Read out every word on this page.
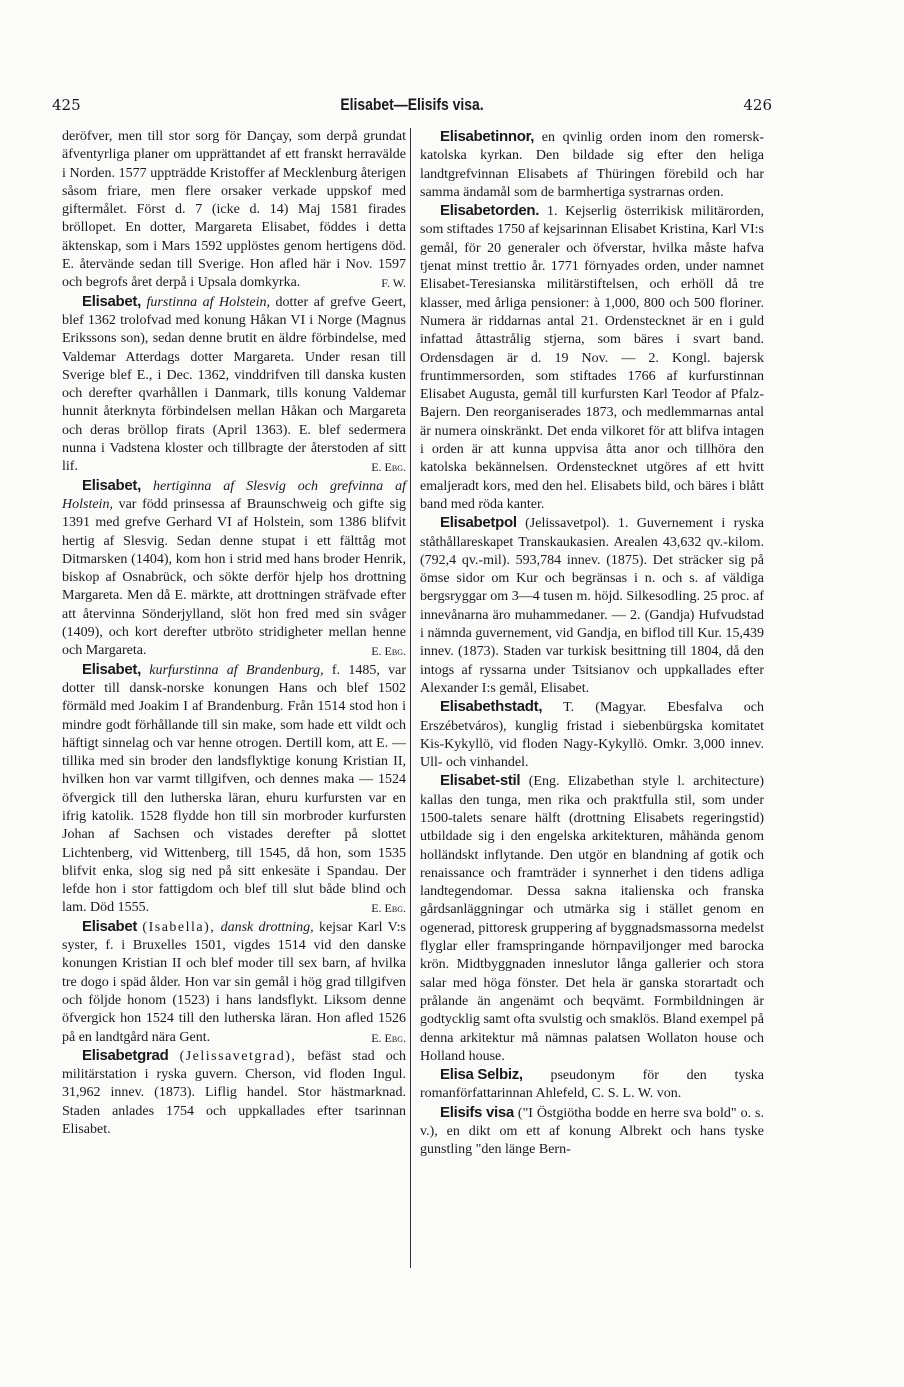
425	Elisabet—Elisifs visa.	426

deröfver, men till stor sorg för Dançay, som derpå grundat äfventyrliga planer om upprättandet af ett franskt herravälde i Norden. 1577 uppträdde Kristoffer af Mecklenburg återigen såsom friare, men flere orsaker verkade uppskof med giftermålet. Först d. 7 (icke d. 14) Maj 1581 firades bröllopet. En dotter, Margareta Elisabet, föddes i detta äktenskap, som i Mars 1592 upplöstes genom hertigens död. E. återvände sedan till Sverige. Hon afled här i Nov. 1597 och begrofs året derpå i Upsala domkyrka.	F. W.

Elisabet, furstinna af Holstein, dotter af grefve Geert, blef 1362 trolofvad med konung Håkan VI i Norge (Magnus Erikssons son), sedan denne brutit en äldre förbindelse, med Valdemar Atterdags dotter Margareta. Under resan till Sverige blef E., i Dec. 1362, vinddrifven till danska kusten och derefter qvarhållen i Danmark, tills konung Valdemar hunnit återknyta förbindelsen mellan Håkan och Margareta och deras bröllop firats (April 1363). E. blef sedermera nunna i Vadstena kloster och tillbragte der återstoden af sitt lif.	E. Ebg.

Elisabet, hertiginna af Slesvig och grefvinna af Holstein, var född prinsessa af Braunschweig och gifte sig 1391 med grefve Gerhard VI af Holstein, som 1386 blifvit hertig af Slesvig. Sedan denne stupat i ett fälttåg mot Ditmarsken (1404), kom hon i strid med hans broder Henrik, biskop af Osnabrück, och sökte derför hjelp hos drottning Margareta. Men då E. märkte, att drottningen sträfvade efter att återvinna Sönderjylland, slöt hon fred med sin svåger (1409), och kort derefter utbröto stridigheter mellan henne och Margareta.	E. Ebg.

Elisabet, kurfurstinna af Brandenburg, f. 1485, var dotter till dansk-norske konungen Hans och blef 1502 förmäld med Joakim I af Brandenburg. Från 1514 stod hon i mindre godt förhållande till sin make, som hade ett vildt och häftigt sinnelag och var henne otrogen. Dertill kom, att E. — tillika med sin broder den landsflyktige konung Kristian II, hvilken hon var varmt tillgifven, och dennes maka — 1524 öfvergick till den lutherska läran, ehuru kurfursten var en ifrig katolik. 1528 flydde hon till sin morbroder kurfursten Johan af Sachsen och vistades derefter på slottet Lichtenberg, vid Wittenberg, till 1545, då hon, som 1535 blifvit enka, slog sig ned på sitt enkesäte i Spandau. Der lefde hon i stor fattigdom och blef till slut både blind och lam. Död 1555.	E. Ebg.

Elisabet (Isabella), dansk drottning, kejsar Karl V:s syster, f. i Bruxelles 1501, vigdes 1514 vid den danske konungen Kristian II och blef moder till sex barn, af hvilka tre dogo i späd ålder. Hon var sin gemål i hög grad tillgifven och följde honom (1523) i hans landsflykt. Liksom denne öfvergick hon 1524 till den lutherska läran. Hon afled 1526 på en landtgård nära Gent.	E. Ebg.

Elisabetgrad (Jelissavetgrad), befäst stad och militärstation i ryska guvern. Cherson, vid floden Ingul. 31,962 innev. (1873). Liflig handel. Stor hästmarknad. Staden anlades 1754 och uppkallades efter tsarinnan Elisabet.

Elisabetinnor, en qvinlig orden inom den romersk-katolska kyrkan. Den bildade sig efter den heliga landtgrefvinnan Elisabets af Thüringen förebild och har samma ändamål som de barmhertiga systrarnas orden.

Elisabetorden. 1. Kejserlig österrikisk militärorden, som stiftades 1750 af kejsarinnan Elisabet Kristina, Karl VI:s gemål, för 20 generaler och öfverstar, hvilka måste hafva tjenat minst trettio år. 1771 förnyades orden, under namnet Elisabet-Teresianska militärstiftelsen, och erhöll då tre klasser, med årliga pensioner: à 1,000, 800 och 500 floriner. Numera är riddarnas antal 21. Ordenstecknet är en i guld infattad åttastrålig stjerna, som bäres i svart band. Ordensdagen är d. 19 Nov. — 2. Kongl. bajersk fruntimmersorden, som stiftades 1766 af kurfurstinnan Elisabet Augusta, gemål till kurfursten Karl Teodor af Pfalz-Bajern. Den reorganiserades 1873, och medlemmarnas antal är numera oinskränkt. Det enda vilkoret för att blifva intagen i orden är att kunna uppvisa åtta anor och tillhöra den katolska bekännelsen. Ordenstecknet utgöres af ett hvitt emaljeradt kors, med den hel. Elisabets bild, och bäres i blått band med röda kanter.

Elisabetpol (Jelissavetpol). 1. Guvernement i ryska ståthållareskapet Transkaukasien. Arealen 43,632 qv.-kilom. (792,4 qv.-mil). 593,784 innev. (1875). Det sträcker sig på ömse sidor om Kur och begränsas i n. och s. af väldiga bergsryggar om 3—4 tusen m. höjd. Silkesodling. 25 proc. af innevånarna äro muhammedaner. — 2. (Gandja) Hufvudstad i nämnda guvernement, vid Gandja, en biflod till Kur. 15,439 innev. (1873). Staden var turkisk besittning till 1804, då den intogs af ryssarna under Tsitsianov och uppkallades efter Alexander I:s gemål, Elisabet.

Elisabethstadt, T. (Magyar. Ebesfalva och Erszébetváros), kunglig fristad i siebenbürgska komitatet Kis-Kykyllö, vid floden Nagy-Kykyllö. Omkr. 3,000 innev. Ull- och vinhandel.

Elisabet-stil (Eng. Elizabethan style l. architecture) kallas den tunga, men rika och praktfulla stil, som under 1500-talets senare hälft (drottning Elisabets regeringstid) utbildade sig i den engelska arkitekturen, måhända genom holländskt inflytande. Den utgör en blandning af gotik och renaissance och framträder i synnerhet i den tidens adliga landtegendomar. Dessa sakna italienska och franska gårdsanläggningar och utmärka sig i stället genom en ogenerad, pittoresk gruppering af byggnadsmassorna medelst flyglar eller framspringande hörnpaviljonger med barocka krön. Midtbyggnaden inneslutor långa gallerier och stora salar med höga fönster. Det hela är ganska storartadt och prålande än angenämt och beqvämt. Formbildningen är godtycklig samt ofta svulstig och smaklös. Bland exempel på denna arkitektur må nämnas palatsen Wollaton house och Holland house.

Elisa Selbiz, pseudonym för den tyska romanförfattarinnan Ahlefeld, C. S. L. W. von.

Elisifs visa ("I Östgiötha bodde en herre sva bold" o. s. v.), en dikt om ett af konung Albrekt och hans tyske gunstling "den länge Bern-
